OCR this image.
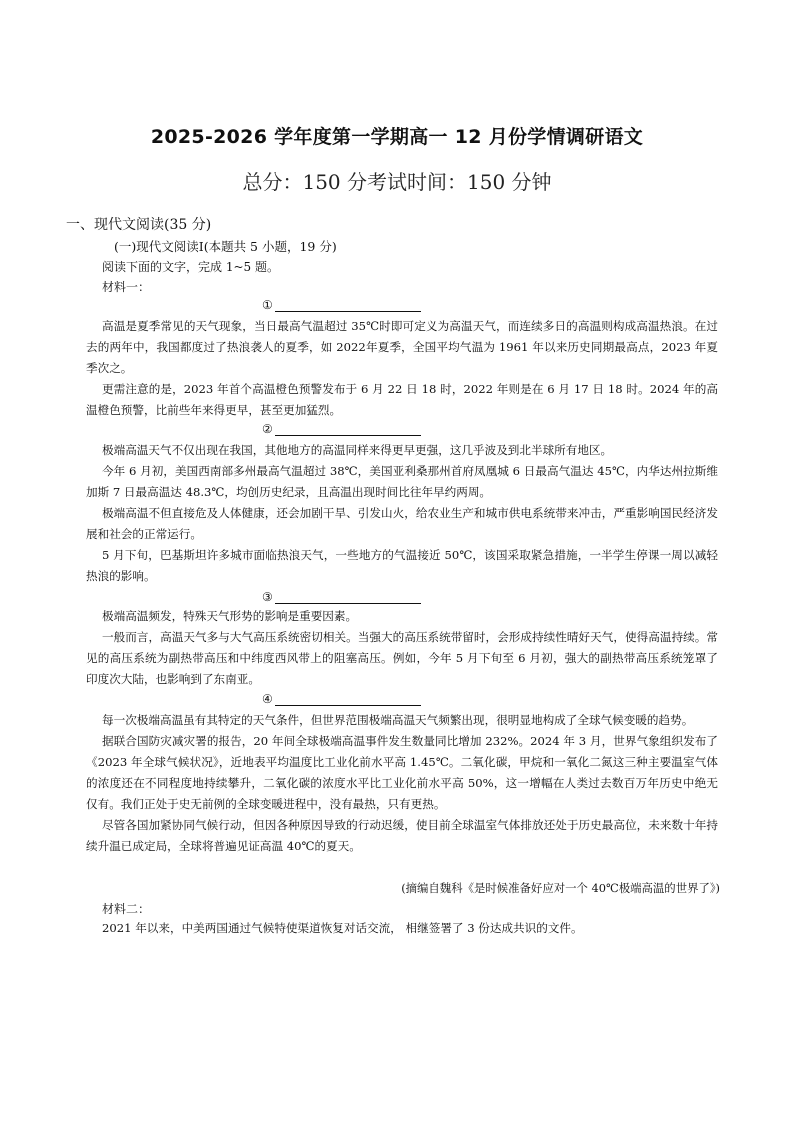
2025-2026 学年度第一学期高一 12 月份学情调研语文
总分：150 分考试时间：150 分钟
一、现代文阅读(35 分)
(一)现代文阅读Ⅰ(本题共 5 小题，19 分)
阅读下面的文字，完成 1~5 题。
材料一：
①

高温是夏季常见的天气现象，当日最高气温超过 35℃时即可定义为高温天气，而连续多日的高温则构成高温热浪。在过去的两年中，我国都度过了热浪袭人的夏季，如 2022年夏季，全国平均气温为 1961 年以来历史同期最高点，2023 年夏季次之。

更需注意的是，2023 年首个高温橙色预警发布于 6 月 22 日 18 时，2022 年则是在 6 月 17 日 18 时。2024 年的高温橙色预警，比前些年来得更早，甚至更加猛烈。

②

极端高温天气不仅出现在我国，其他地方的高温同样来得更早更强，这几乎波及到北半球所有地区。

今年 6 月初，美国西南部多州最高气温超过 38℃，美国亚利桑那州首府凤凰城 6 日最高气温达 45℃，内华达州拉斯维加斯 7 日最高温达 48.3℃，均创历史纪录，且高温出现时间比往年早约两周。

极端高温不但直接危及人体健康，还会加剧干旱、引发山火，给农业生产和城市供电系统带来冲击，严重影响国民经济发展和社会的正常运行。

5 月下旬，巴基斯坦许多城市面临热浪天气，一些地方的气温接近 50℃，该国采取紧急措施，一半学生停课一周以减轻热浪的影响。

③

极端高温频发，特殊天气形势的影响是重要因素。

一般而言，高温天气多与大气高压系统密切相关。当强大的高压系统带留时，会形成持续性晴好天气，使得高温持续。常见的高压系统为副热带高压和中纬度西风带上的阻塞高压。例如，今年 5 月下旬至 6 月初，强大的副热带高压系统笼罩了印度次大陆，也影响到了东南亚。

④

每一次极端高温虽有其特定的天气条件，但世界范围极端高温天气频繁出现，很明显地构成了全球气候变暖的趋势。

据联合国防灾减灾署的报告，20 年间全球极端高温事件发生数量同比增加 232%。2024 年 3 月，世界气象组织发布了《2023 年全球气候状况》，近地表平均温度比工业化前水平高 1.45℃。二氧化碳，甲烷和一氧化二氮这三种主要温室气体的浓度还在不同程度地持续攀升，二氧化碳的浓度水平比工业化前水平高 50%，这一增幅在人类过去数百万年历史中绝无仅有。我们正处于史无前例的全球变暖进程中，没有最热，只有更热。

尽管各国加紧协同气候行动，但因各种原因导致的行动迟缓，使目前全球温室气体排放还处于历史最高位，未来数十年持续升温已成定局，全球将普遍见证高温 40℃的夏天。

(摘编自魏科《是时候准备好应对一个 40℃极端高温的世界了》)
材料二：

2021 年以来，中美两国通过气候特使渠道恢复对话交流， 相继签署了 3 份达成共识的文件。
